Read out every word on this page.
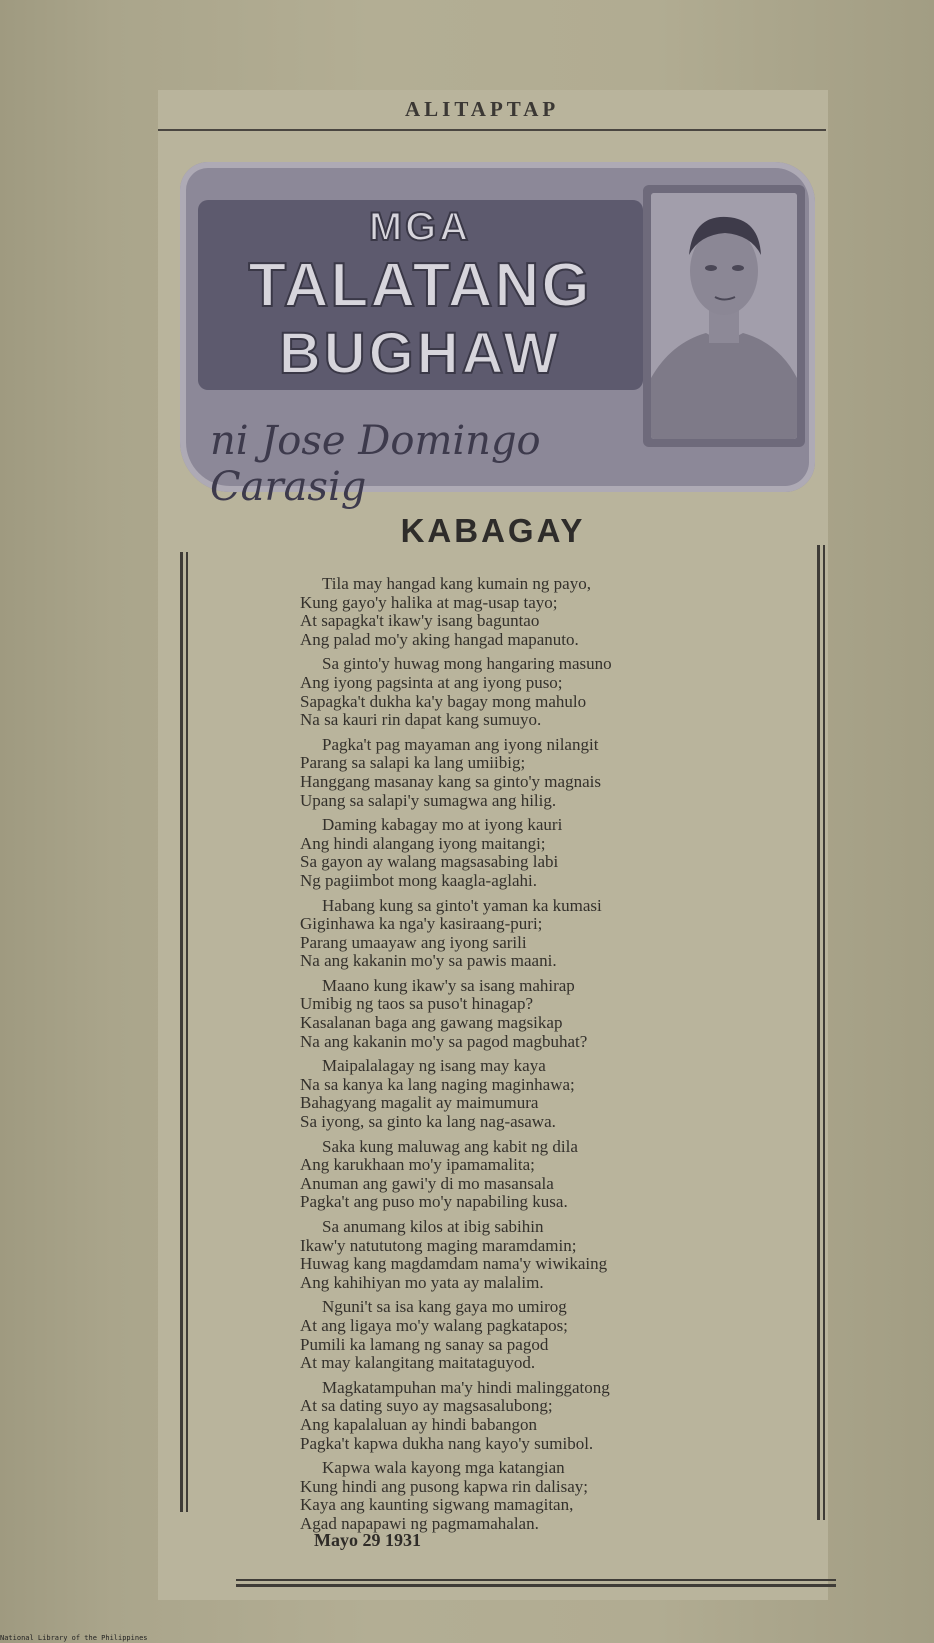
ALITAPTAP
MGA
TALATANG
BUGHAW
ni Jose Domingo Carasig
KABAGAY
Tila may hangad kang kumain ng payo,
Kung gayo'y halika at mag-usap tayo;
At sapagka't ikaw'y isang baguntao
Ang palad mo'y aking hangad mapanuto.
Sa ginto'y huwag mong hangaring masuno
Ang iyong pagsinta at ang iyong puso;
Sapagka't dukha ka'y bagay mong mahulo
Na sa kauri rin dapat kang sumuyo.
Pagka't pag mayaman ang iyong nilangit
Parang sa salapi ka lang umiibig;
Hanggang masanay kang sa ginto'y magnais
Upang sa salapi'y sumagwa ang hilig.
Daming kabagay mo at iyong kauri
Ang hindi alangang iyong maitangi;
Sa gayon ay walang magsasabing labi
Ng pagiimbot mong kaagla-aglahi.
Habang kung sa ginto't yaman ka kumasi
Giginhawa ka nga'y kasiraang-puri;
Parang umaayaw ang iyong sarili
Na ang kakanin mo'y sa pawis maani.
Maano kung ikaw'y sa isang mahirap
Umibig ng taos sa puso't hinagap?
Kasalanan baga ang gawang magsikap
Na ang kakanin mo'y sa pagod magbuhat?
Maipalalagay ng isang may kaya
Na sa kanya ka lang naging maginhawa;
Bahagyang magalit ay maimumura
Sa iyong, sa ginto ka lang nag-asawa.
Saka kung maluwag ang kabit ng dila
Ang karukhaan mo'y ipamamalita;
Anuman ang gawi'y di mo masansala
Pagka't ang puso mo'y napabiling kusa.
Sa anumang kilos at ibig sabihin
Ikaw'y natututong maging maramdamin;
Huwag kang magdamdam nama'y wiwikaing
Ang kahihiyan mo yata ay malalim.
Nguni't sa isa kang gaya mo umirog
At ang ligaya mo'y walang pagkatapos;
Pumili ka lamang ng sanay sa pagod
At may kalangitang maitataguyod.
Magkatampuhan ma'y hindi malinggatong
At sa dating suyo ay magsasalubong;
Ang kapalaluan ay hindi babangon
Pagka't kapwa dukha nang kayo'y sumibol.
Kapwa wala kayong mga katangian
Kung hindi ang pusong kapwa rin dalisay;
Kaya ang kaunting sigwang mamagitan,
Agad napapawi ng pagmamahalan.
Mayo 29 1931
National Library of the Philippines
